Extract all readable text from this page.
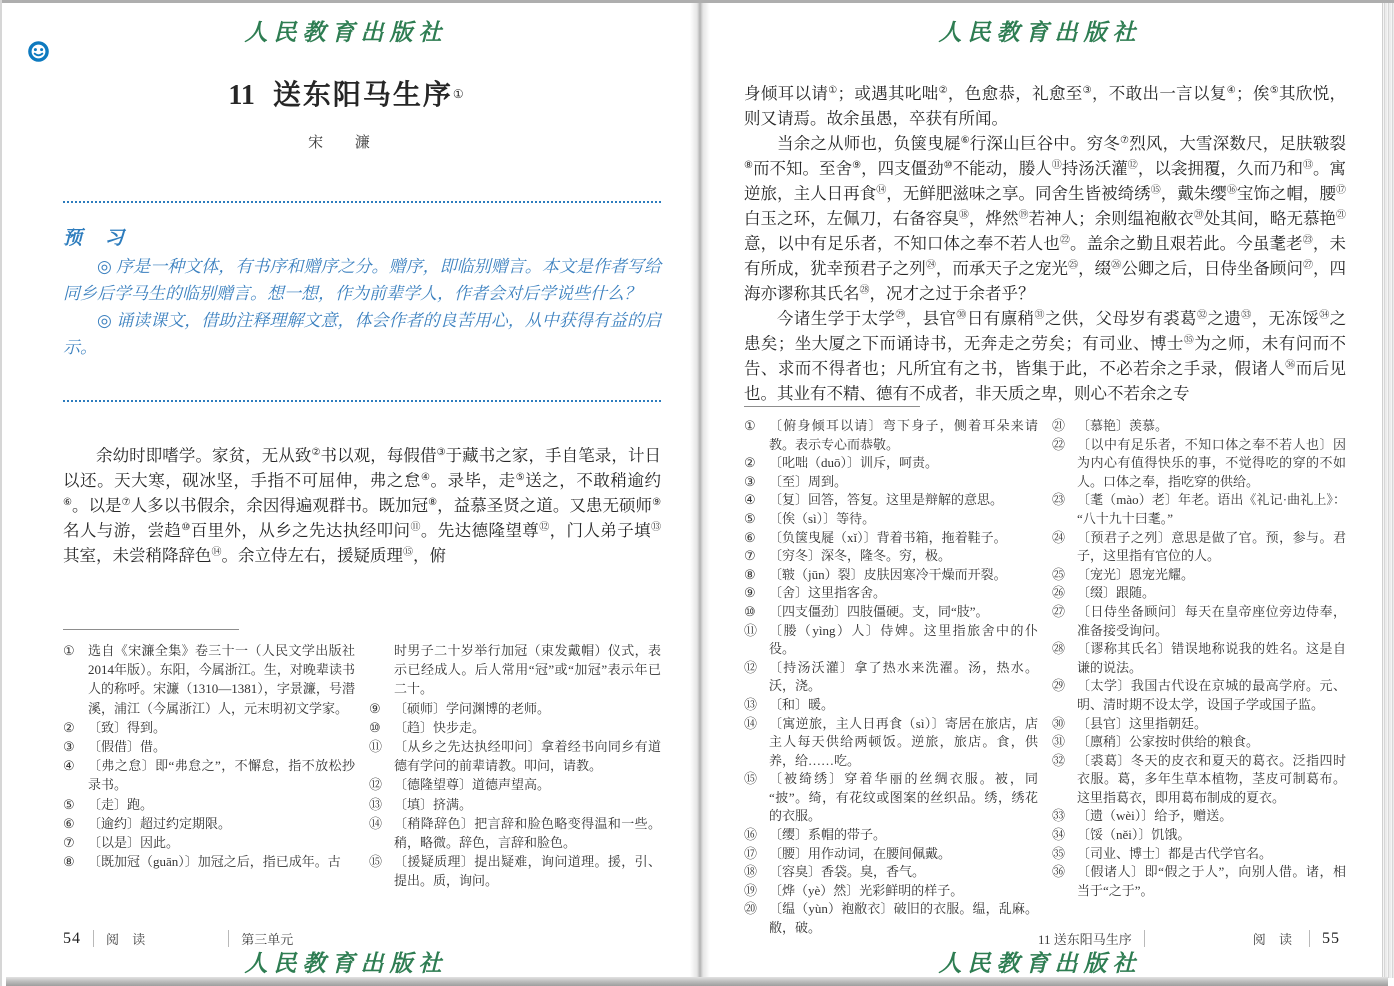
人民教育出版社
11 送东阳马生序①
宋 濂
预 习

◎ 序是一种文体，有书序和赠序之分。赠序，即临别赠言。本文是作者写给同乡后学马生的临别赠言。想一想，作为前辈学人，作者会对后学说些什么？

◎ 诵读课文，借助注释理解文意，体会作者的良苦用心，从中获得有益的启示。

余幼时即嗜学。家贫，无从致②书以观，每假借③于藏书之家，手自笔录，计日以还。天大寒，砚冰坚，手指不可屈伸，弗之怠④。录毕，走⑤送之，不敢稍逾约⑥。以是⑦人多以书假余，余因得遍观群书。既加冠⑧，益慕圣贤之道。又患无硕师⑨名人与游，尝趋⑩百里外，从乡之先达执经叩问⑪。先达德隆望尊⑫，门人弟子填⑬其室，未尝稍降辞色⑭。余立侍左右，援疑质理⑮，俯

①	选自《宋濂全集》卷三十一（人民文学出版社2014年版）。东阳，今属浙江。生，对晚辈读书人的称呼。宋濂（1310—1381），字景濂，号潜溪，浦江（今属浙江）人，元末明初文学家。
②	〔致〕得到。
③	〔假借〕借。
④	〔弗之怠〕即“弗怠之”，不懈怠，指不放松抄录书。
⑤	〔走〕跑。
⑥	〔逾约〕超过约定期限。
⑦	〔以是〕因此。
⑧	〔既加冠（guān）〕加冠之后，指已成年。古
时男子二十岁举行加冠（束发戴帽）仪式，表示已经成人。后人常用“冠”或“加冠”表示年已二十。
⑨	〔硕师〕学问渊博的老师。
⑩	〔趋〕快步走。
⑪ 〔从乡之先达执经叩问〕拿着经书向同乡有道德有学问的前辈请教。叩问，请教。
⑫ 〔德隆望尊〕道德声望高。
⑬ 〔填〕挤满。
⑭ 〔稍降辞色〕把言辞和脸色略变得温和一些。稍，略微。辞色，言辞和脸色。
⑮ 〔援疑质理〕提出疑难，询问道理。援，引、提出。质，询问。
54 阅 读	第三单元
人民教育出版社
人民教育出版社

身倾耳以请①；或遇其叱咄②，色愈恭，礼愈至③，不敢出一言以复④；俟⑤其欣悦，则又请焉。故余虽愚，卒获有所闻。

当余之从师也，负箧曳屣⑥行深山巨谷中。穷冬⑦烈风，大雪深数尺，足肤皲裂⑧而不知。至舍⑨，四支僵劲⑩不能动，媵人⑪持汤沃灌⑫，以衾拥覆，久而乃和⑬。寓逆旅，主人日再食⑭，无鲜肥滋味之享。同舍生皆被绮绣⑮，戴朱缨⑯宝饰之帽，腰⑰白玉之环，左佩刀，右备容臭⑱，烨然⑲若神人；余则缊袍敝衣⑳处其间，略无慕艳$^㉑$意，以中有足乐者，不知口体之奉不若人也$^㉒$。盖余之勤且艰若此。今虽耄老$^㉓$，未有所成，犹幸预君子之列$^㉔$，而承天子之宠光$^㉕$，缀$^㉖$公卿之后，日侍坐备顾问$^㉗$，四海亦谬称其氏名$^㉘$，况才之过于余者乎？

今诸生学于太学$^㉙$，县官$^㉚$日有廪稍$^㉛$之供，父母岁有裘葛$^㉜$之遗$^㉝$，无冻馁$^㉞$之患矣；坐大厦之下而诵诗书，无奔走之劳矣；有司业、博士$^㉟$为之师，未有问而不告、求而不得者也；凡所宜有之书，皆集于此，不必若余之手录，假诸人$^㊱$而后见也。其业有不精、德有不成者，非天质之卑，则心不若余之专

①	〔俯身倾耳以请〕弯下身子，侧着耳朵来请教。表示专心而恭敬。
②	〔叱咄（duō）〕训斥，呵责。
③	〔至〕周到。
④	〔复〕回答，答复。这里是辩解的意思。
⑤	〔俟（sì）〕等待。
⑥	〔负箧曳屣（xǐ）〕背着书箱，拖着鞋子。
⑦	〔穷冬〕深冬，隆冬。穷，极。
⑧	〔皲（jūn）裂〕皮肤因寒冷干燥而开裂。
⑨	〔舍〕这里指客舍。
⑩	〔四支僵劲〕四肢僵硬。支，同“肢”。
⑪ 〔媵（yìng）人〕侍婢。这里指旅舍中的仆役。
⑫ 〔持汤沃灌〕拿了热水来洗濯。汤，热水。沃，浇。
⑬ 〔和〕暖。
⑭ 〔寓逆旅，主人日再食（sì）〕寄居在旅店，店主人每天供给两顿饭。逆旅，旅店。食，供养，给……吃。
⑮ 〔被绮绣〕穿着华丽的丝绸衣服。被，同“披”。绮，有花纹或图案的丝织品。绣，绣花的衣服。
⑯ 〔缨〕系帽的带子。
⑰ 〔腰〕用作动词，在腰间佩戴。
⑱ 〔容臭〕香袋。臭，香气。
⑲ 〔烨（yè）然〕光彩鲜明的样子。
⑳ 〔缊（yùn）袍敝衣〕破旧的衣服。缊，乱麻。敝，破。
㉑ 〔慕艳〕羡慕。
㉒ 〔以中有足乐者，不知口体之奉不若人也〕因为内心有值得快乐的事，不觉得吃的穿的不如人。口体之奉，指吃穿的供给。
㉓ 〔耄（mào）老〕年老。语出《礼记·曲礼上》：“八十九十曰耄。”
㉔ 〔预君子之列〕意思是做了官。预，参与。君子，这里指有官位的人。
㉕ 〔宠光〕恩宠光耀。
㉖ 〔缀〕跟随。
㉗ 〔日侍坐备顾问〕每天在皇帝座位旁边侍奉，准备接受询问。
㉘ 〔谬称其氏名〕错误地称说我的姓名。这是自谦的说法。
㉙ 〔太学〕我国古代设在京城的最高学府。元、明、清时期不设太学，设国子学或国子监。
㉚ 〔县官〕这里指朝廷。
㉛ 〔廪稍〕公家按时供给的粮食。
㉜ 〔裘葛〕冬天的皮衣和夏天的葛衣。泛指四时衣服。葛，多年生草本植物，茎皮可制葛布。这里指葛衣，即用葛布制成的夏衣。
㉝ 〔遗（wèi）〕给予，赠送。
㉞ 〔馁（něi）〕饥饿。
㉟ 〔司业、博士〕都是古代学官名。
㊱ 〔假诸人〕即“假之于人”，向别人借。诸，相当于“之于”。
11 送东阳马生序	阅 读 55
人民教育出版社
